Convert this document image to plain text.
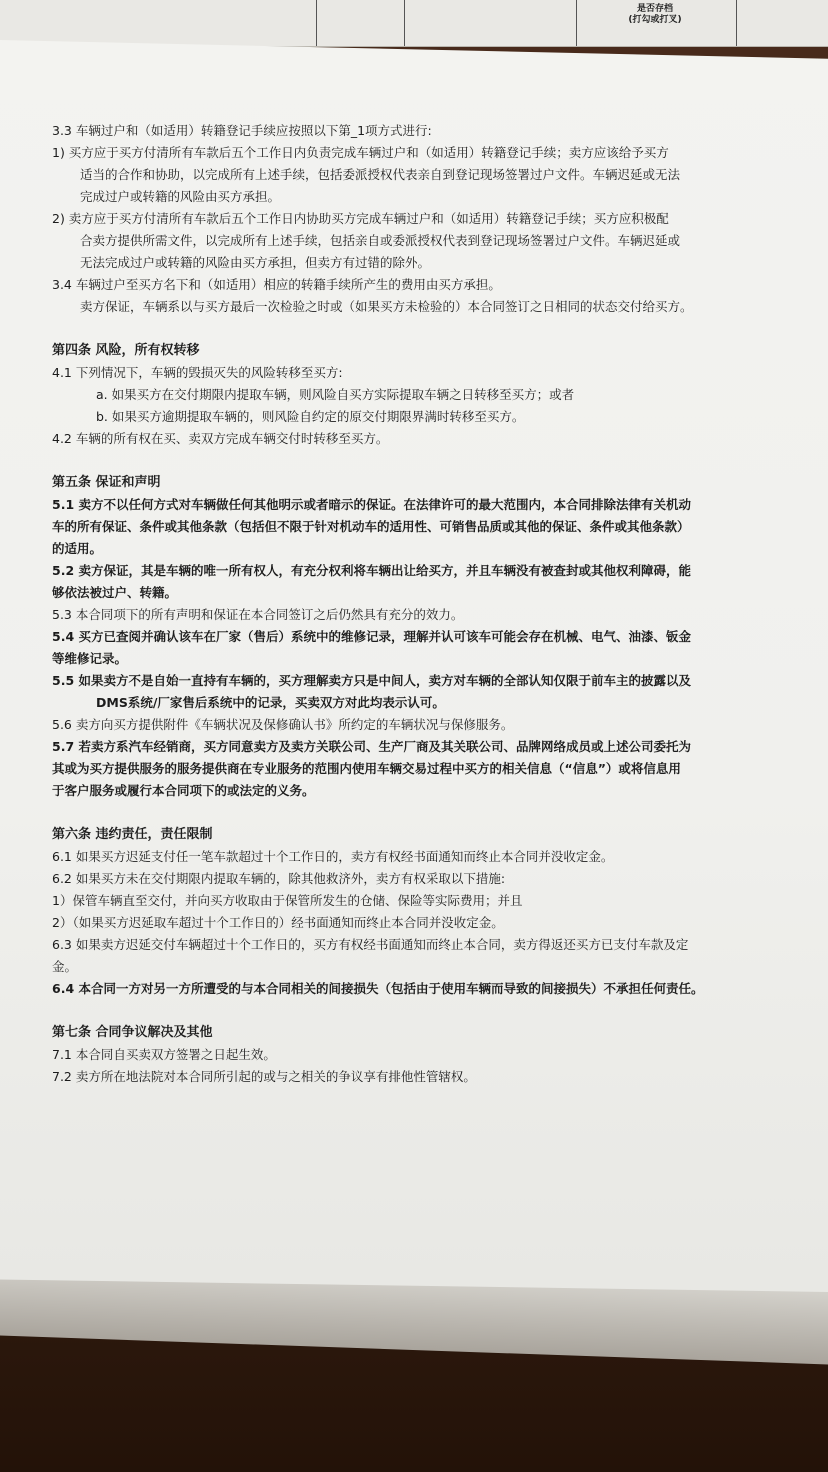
是否存档
(打勾或打叉)
3.3 车辆过户和（如适用）转籍登记手续应按照以下第_1项方式进行:
1) 买方应于买方付清所有车款后五个工作日内负责完成车辆过户和（如适用）转籍登记手续；卖方应该给予买方
适当的合作和协助，以完成所有上述手续，包括委派授权代表亲自到登记现场签署过户文件。车辆迟延或无法
完成过户或转籍的风险由买方承担。
2) 卖方应于买方付清所有车款后五个工作日内协助买方完成车辆过户和（如适用）转籍登记手续；买方应积极配
合卖方提供所需文件，以完成所有上述手续，包括亲自或委派授权代表到登记现场签署过户文件。车辆迟延或
无法完成过户或转籍的风险由买方承担，但卖方有过错的除外。
3.4 车辆过户至买方名下和（如适用）相应的转籍手续所产生的费用由买方承担。
卖方保证，车辆系以与买方最后一次检验之时或（如果买方未检验的）本合同签订之日相同的状态交付给买方。
第四条 风险，所有权转移
4.1 下列情况下，车辆的毁损灭失的风险转移至买方:
a. 如果买方在交付期限内提取车辆，则风险自买方实际提取车辆之日转移至买方；或者
b. 如果买方逾期提取车辆的，则风险自约定的原交付期限界满时转移至买方。
4.2 车辆的所有权在买、卖双方完成车辆交付时转移至买方。
第五条 保证和声明
5.1 卖方不以任何方式对车辆做任何其他明示或者暗示的保证。在法律许可的最大范围内，本合同排除法律有关机动
车的所有保证、条件或其他条款（包括但不限于针对机动车的适用性、可销售品质或其他的保证、条件或其他条款）
的适用。
5.2 卖方保证，其是车辆的唯一所有权人，有充分权利将车辆出让给买方，并且车辆没有被查封或其他权利障碍，能
够依法被过户、转籍。
5.3 本合同项下的所有声明和保证在本合同签订之后仍然具有充分的效力。
5.4 买方已查阅并确认该车在厂家（售后）系统中的维修记录，理解并认可该车可能会存在机械、电气、油漆、钣金
等维修记录。
5.5 如果卖方不是自始一直持有车辆的，买方理解卖方只是中间人，卖方对车辆的全部认知仅限于前车主的披露以及
DMS系统/厂家售后系统中的记录，买卖双方对此均表示认可。
5.6 卖方向买方提供附件《车辆状况及保修确认书》所约定的车辆状况与保修服务。
5.7 若卖方系汽车经销商，买方同意卖方及卖方关联公司、生产厂商及其关联公司、品牌网络成员或上述公司委托为
其或为买方提供服务的服务提供商在专业服务的范围内使用车辆交易过程中买方的相关信息（“信息”）或将信息用
于客户服务或履行本合同项下的或法定的义务。
第六条 违约责任，责任限制
6.1 如果买方迟延支付任一笔车款超过十个工作日的，卖方有权经书面通知而终止本合同并没收定金。
6.2 如果买方未在交付期限内提取车辆的，除其他救济外，卖方有权采取以下措施:
1）保管车辆直至交付，并向买方收取由于保管所发生的仓储、保险等实际费用；并且
2）（如果买方迟延取车超过十个工作日的）经书面通知而终止本合同并没收定金。
6.3 如果卖方迟延交付车辆超过十个工作日的，买方有权经书面通知而终止本合同，卖方得返还买方已支付车款及定
金。
6.4 本合同一方对另一方所遭受的与本合同相关的间接损失（包括由于使用车辆而导致的间接损失）不承担任何责任。
第七条 合同争议解决及其他
7.1 本合同自买卖双方签署之日起生效。
7.2 卖方所在地法院对本合同所引起的或与之相关的争议享有排他性管辖权。
